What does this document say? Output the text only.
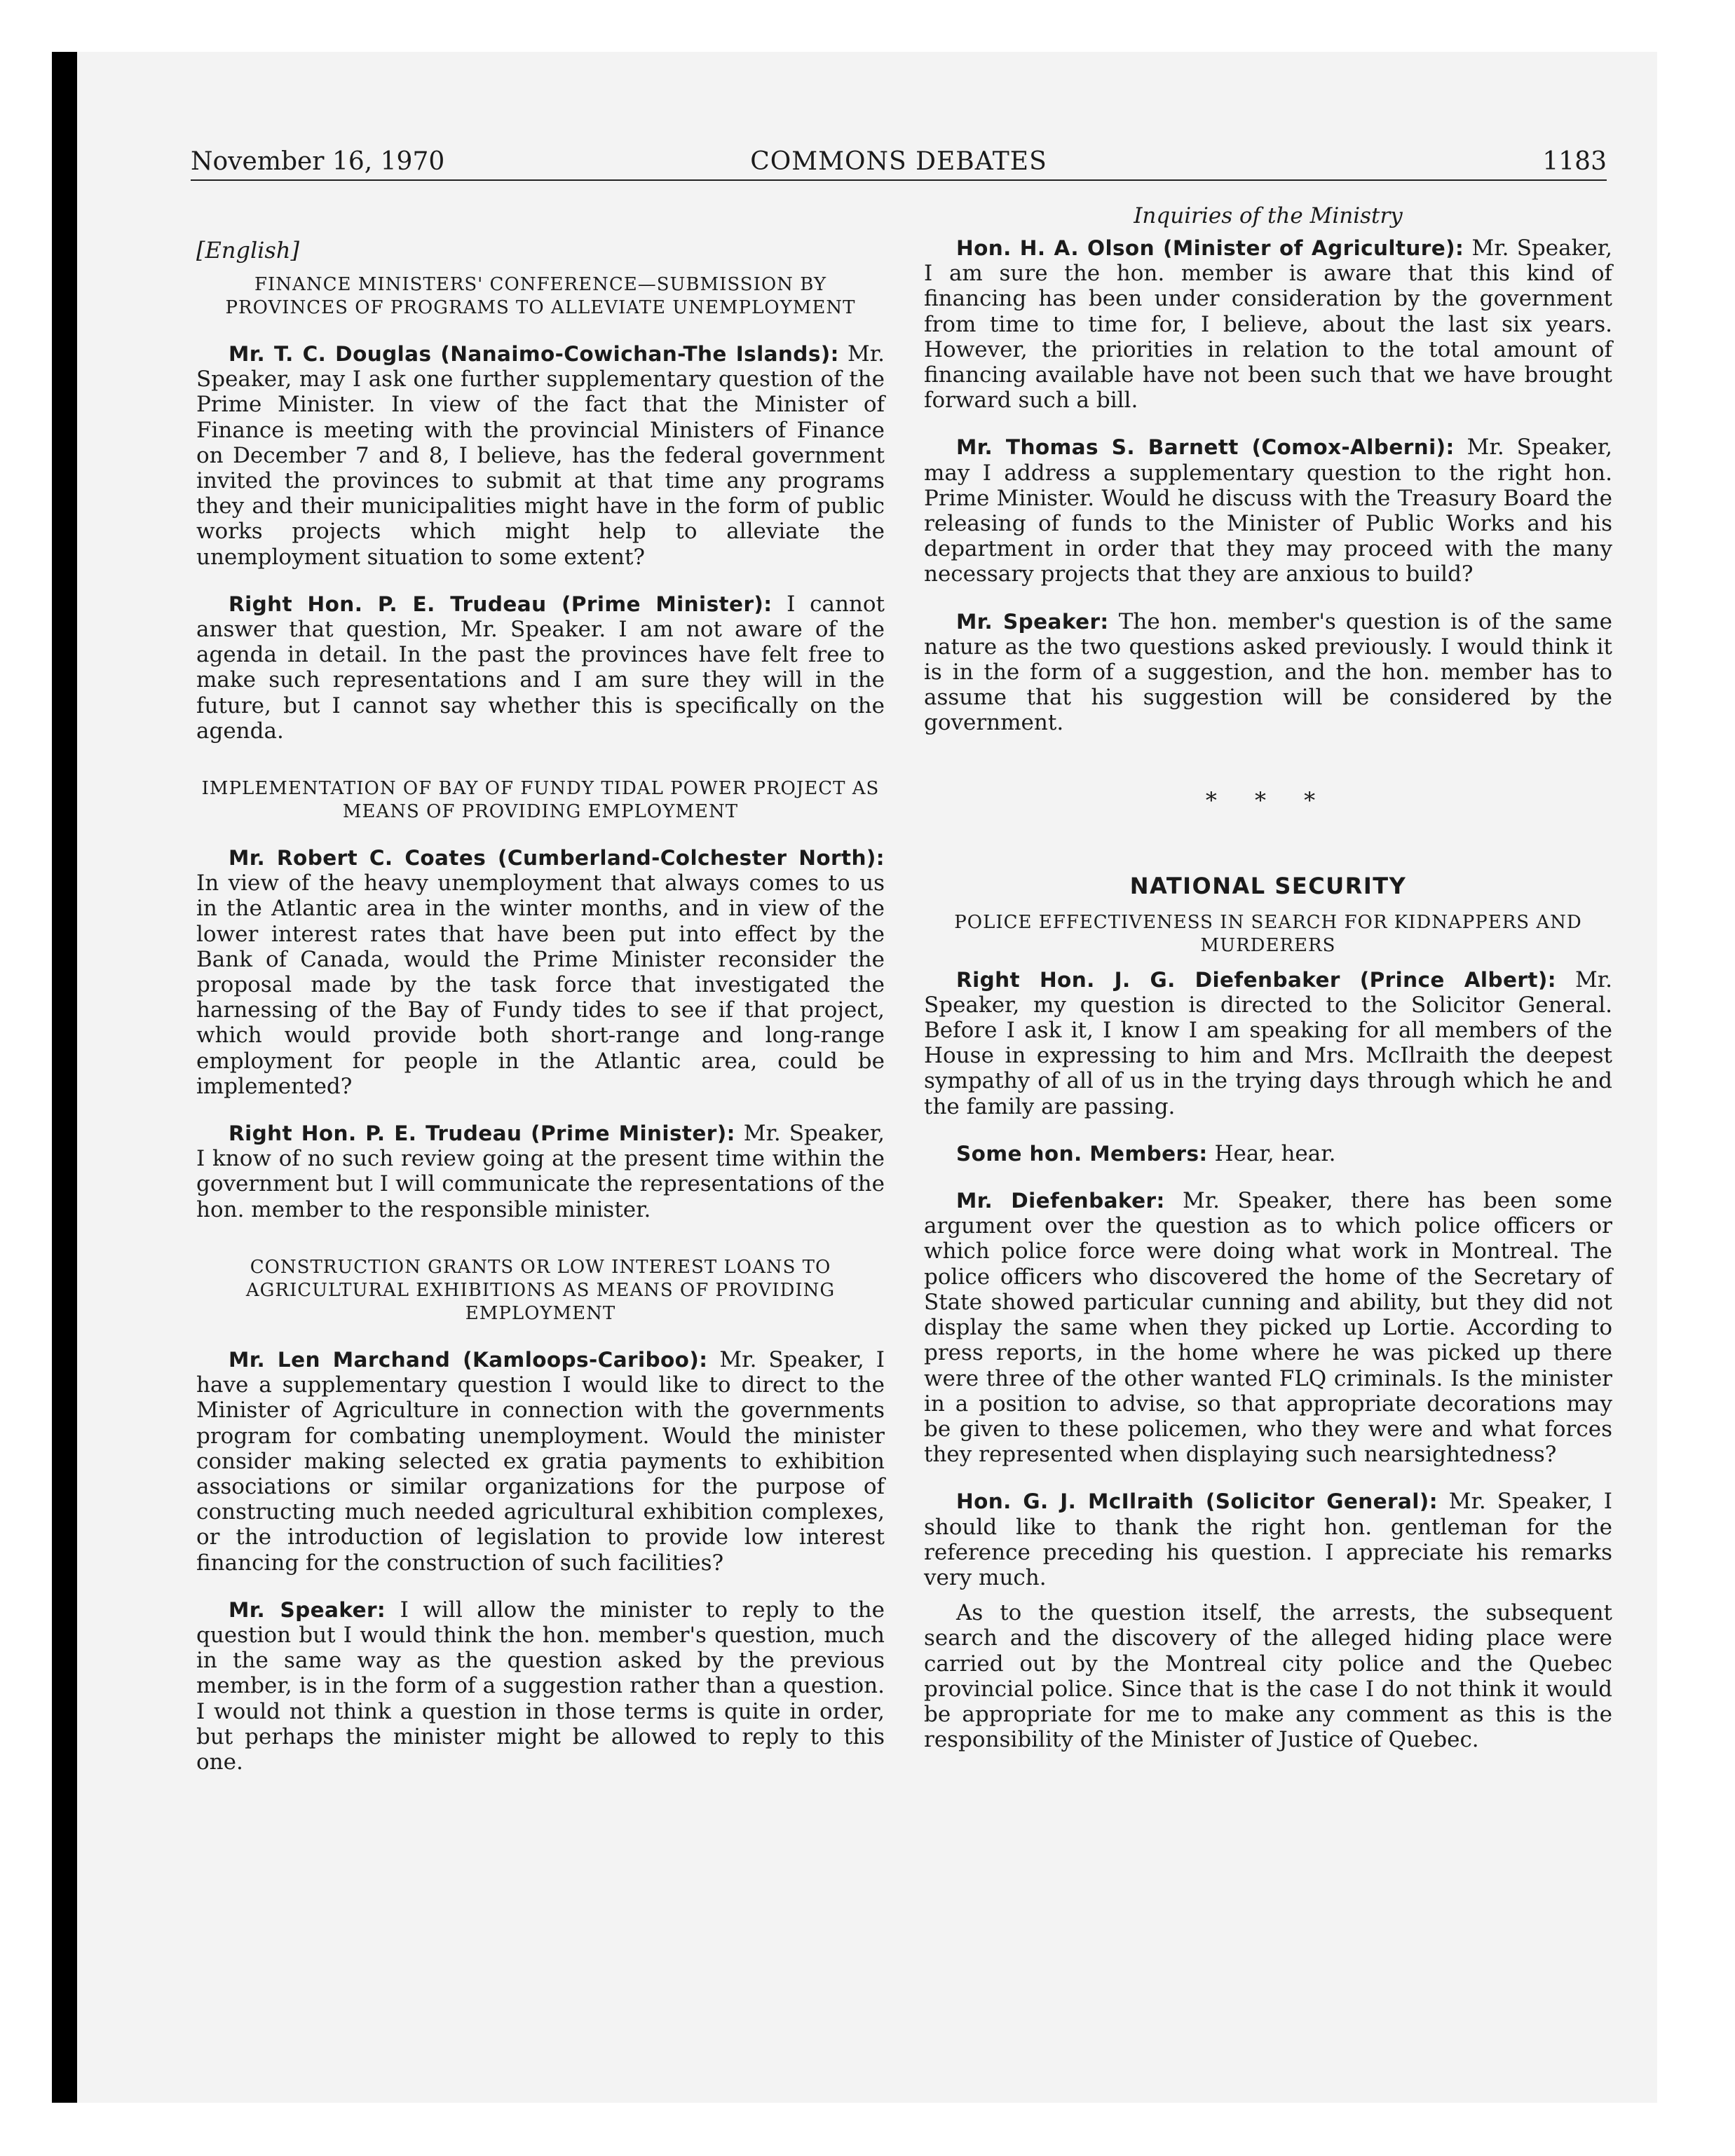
November 16, 1970	COMMONS DEBATES	1183
[English]
FINANCE MINISTERS' CONFERENCE—SUBMISSION BY PROVINCES OF PROGRAMS TO ALLEVIATE UNEMPLOYMENT

Mr. T. C. Douglas (Nanaimo-Cowichan-The Islands): Mr. Speaker, may I ask one further supplementary question of the Prime Minister. In view of the fact that the Minister of Finance is meeting with the provincial Ministers of Finance on December 7 and 8, I believe, has the federal government invited the provinces to submit at that time any programs they and their municipalities might have in the form of public works projects which might help to alleviate the unemployment situation to some extent?

Right Hon. P. E. Trudeau (Prime Minister): I cannot answer that question, Mr. Speaker. I am not aware of the agenda in detail. In the past the provinces have felt free to make such representations and I am sure they will in the future, but I cannot say whether this is specifically on the agenda.

IMPLEMENTATION OF BAY OF FUNDY TIDAL POWER PROJECT AS MEANS OF PROVIDING EMPLOYMENT

Mr. Robert C. Coates (Cumberland-Colchester North): In view of the heavy unemployment that always comes to us in the Atlantic area in the winter months, and in view of the lower interest rates that have been put into effect by the Bank of Canada, would the Prime Minister reconsider the proposal made by the task force that investigated the harnessing of the Bay of Fundy tides to see if that project, which would provide both short-range and long-range employment for people in the Atlantic area, could be implemented?

Right Hon. P. E. Trudeau (Prime Minister): Mr. Speaker, I know of no such review going at the present time within the government but I will communicate the representations of the hon. member to the responsible minister.

CONSTRUCTION GRANTS OR LOW INTEREST LOANS TO AGRICULTURAL EXHIBITIONS AS MEANS OF PROVIDING EMPLOYMENT

Mr. Len Marchand (Kamloops-Cariboo): Mr. Speaker, I have a supplementary question I would like to direct to the Minister of Agriculture in connection with the governments program for combating unemployment. Would the minister consider making selected ex gratia payments to exhibition associations or similar organizations for the purpose of constructing much needed agricultural exhibition complexes, or the introduction of legislation to provide low interest financing for the construction of such facilities?

Mr. Speaker: I will allow the minister to reply to the question but I would think the hon. member's question, much in the same way as the question asked by the previous member, is in the form of a suggestion rather than a question. I would not think a question in those terms is quite in order, but perhaps the minister might be allowed to reply to this one.

Inquiries of the Ministry

Hon. H. A. Olson (Minister of Agriculture): Mr. Speaker, I am sure the hon. member is aware that this kind of financing has been under consideration by the government from time to time for, I believe, about the last six years. However, the priorities in relation to the total amount of financing available have not been such that we have brought forward such a bill.

Mr. Thomas S. Barnett (Comox-Alberni): Mr. Speaker, may I address a supplementary question to the right hon. Prime Minister. Would he discuss with the Treasury Board the releasing of funds to the Minister of Public Works and his department in order that they may proceed with the many necessary projects that they are anxious to build?

Mr. Speaker: The hon. member's question is of the same nature as the two questions asked previously. I would think it is in the form of a suggestion, and the hon. member has to assume that his suggestion will be considered by the government.

* * *
NATIONAL SECURITY
POLICE EFFECTIVENESS IN SEARCH FOR KIDNAPPERS AND MURDERERS

Right Hon. J. G. Diefenbaker (Prince Albert): Mr. Speaker, my question is directed to the Solicitor General. Before I ask it, I know I am speaking for all members of the House in expressing to him and Mrs. McIlraith the deepest sympathy of all of us in the trying days through which he and the family are passing.

Some hon. Members: Hear, hear.

Mr. Diefenbaker: Mr. Speaker, there has been some argument over the question as to which police officers or which police force were doing what work in Montreal. The police officers who discovered the home of the Secretary of State showed particular cunning and ability, but they did not display the same when they picked up Lortie. According to press reports, in the home where he was picked up there were three of the other wanted FLQ criminals. Is the minister in a position to advise, so that appropriate decorations may be given to these policemen, who they were and what forces they represented when displaying such nearsightedness?

Hon. G. J. McIlraith (Solicitor General): Mr. Speaker, I should like to thank the right hon. gentleman for the reference preceding his question. I appreciate his remarks very much.

As to the question itself, the arrests, the subsequent search and the discovery of the alleged hiding place were carried out by the Montreal city police and the Quebec provincial police. Since that is the case I do not think it would be appropriate for me to make any comment as this is the responsibility of the Minister of Justice of Quebec.
